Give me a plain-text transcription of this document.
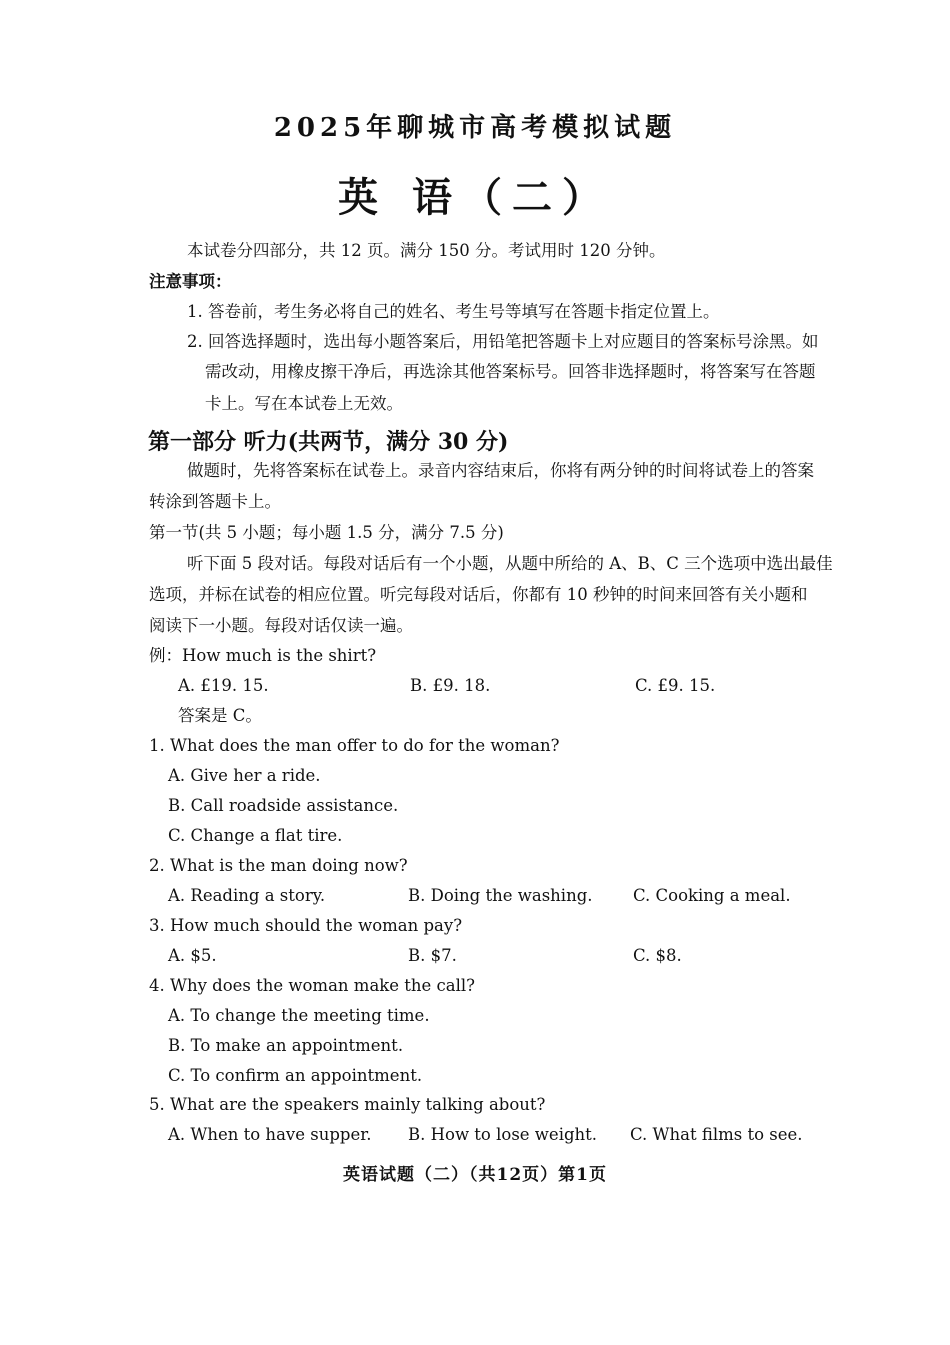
2025年聊城市高考模拟试题
英 语（二）
本试卷分四部分，共 12 页。满分 150 分。考试用时 120 分钟。
注意事项：
1. 答卷前，考生务必将自己的姓名、考生号等填写在答题卡指定位置上。
2. 回答选择题时，选出每小题答案后，用铅笔把答题卡上对应题目的答案标号涂黑。如
需改动，用橡皮擦干净后，再选涂其他答案标号。回答非选择题时，将答案写在答题
卡上。写在本试卷上无效。
第一部分 听力(共两节，满分 30 分)
做题时，先将答案标在试卷上。录音内容结束后，你将有两分钟的时间将试卷上的答案
转涂到答题卡上。
第一节(共 5 小题；每小题 1.5 分，满分 7.5 分)
听下面 5 段对话。每段对话后有一个小题，从题中所给的 A、B、C 三个选项中选出最佳
选项，并标在试卷的相应位置。听完每段对话后，你都有 10 秒钟的时间来回答有关小题和
阅读下一小题。每段对话仅读一遍。
例：How much is the shirt?
A. £19. 15.	B. £9. 18.	C. £9. 15.
答案是 C。
1. What does the man offer to do for the woman?
A. Give her a ride.
B. Call roadside assistance.
C. Change a flat tire.
2. What is the man doing now?
A. Reading a story.	B. Doing the washing. C. Cooking a meal.
3. How much should the woman pay?
A. $5.	B. $7.	C. $8.
4. Why does the woman make the call?
A. To change the meeting time.
B. To make an appointment.
C. To confirm an appointment.
5. What are the speakers mainly talking about?
A. When to have supper. B. How to lose weight. C. What films to see.
英语试题（二）（共12页）第1页
